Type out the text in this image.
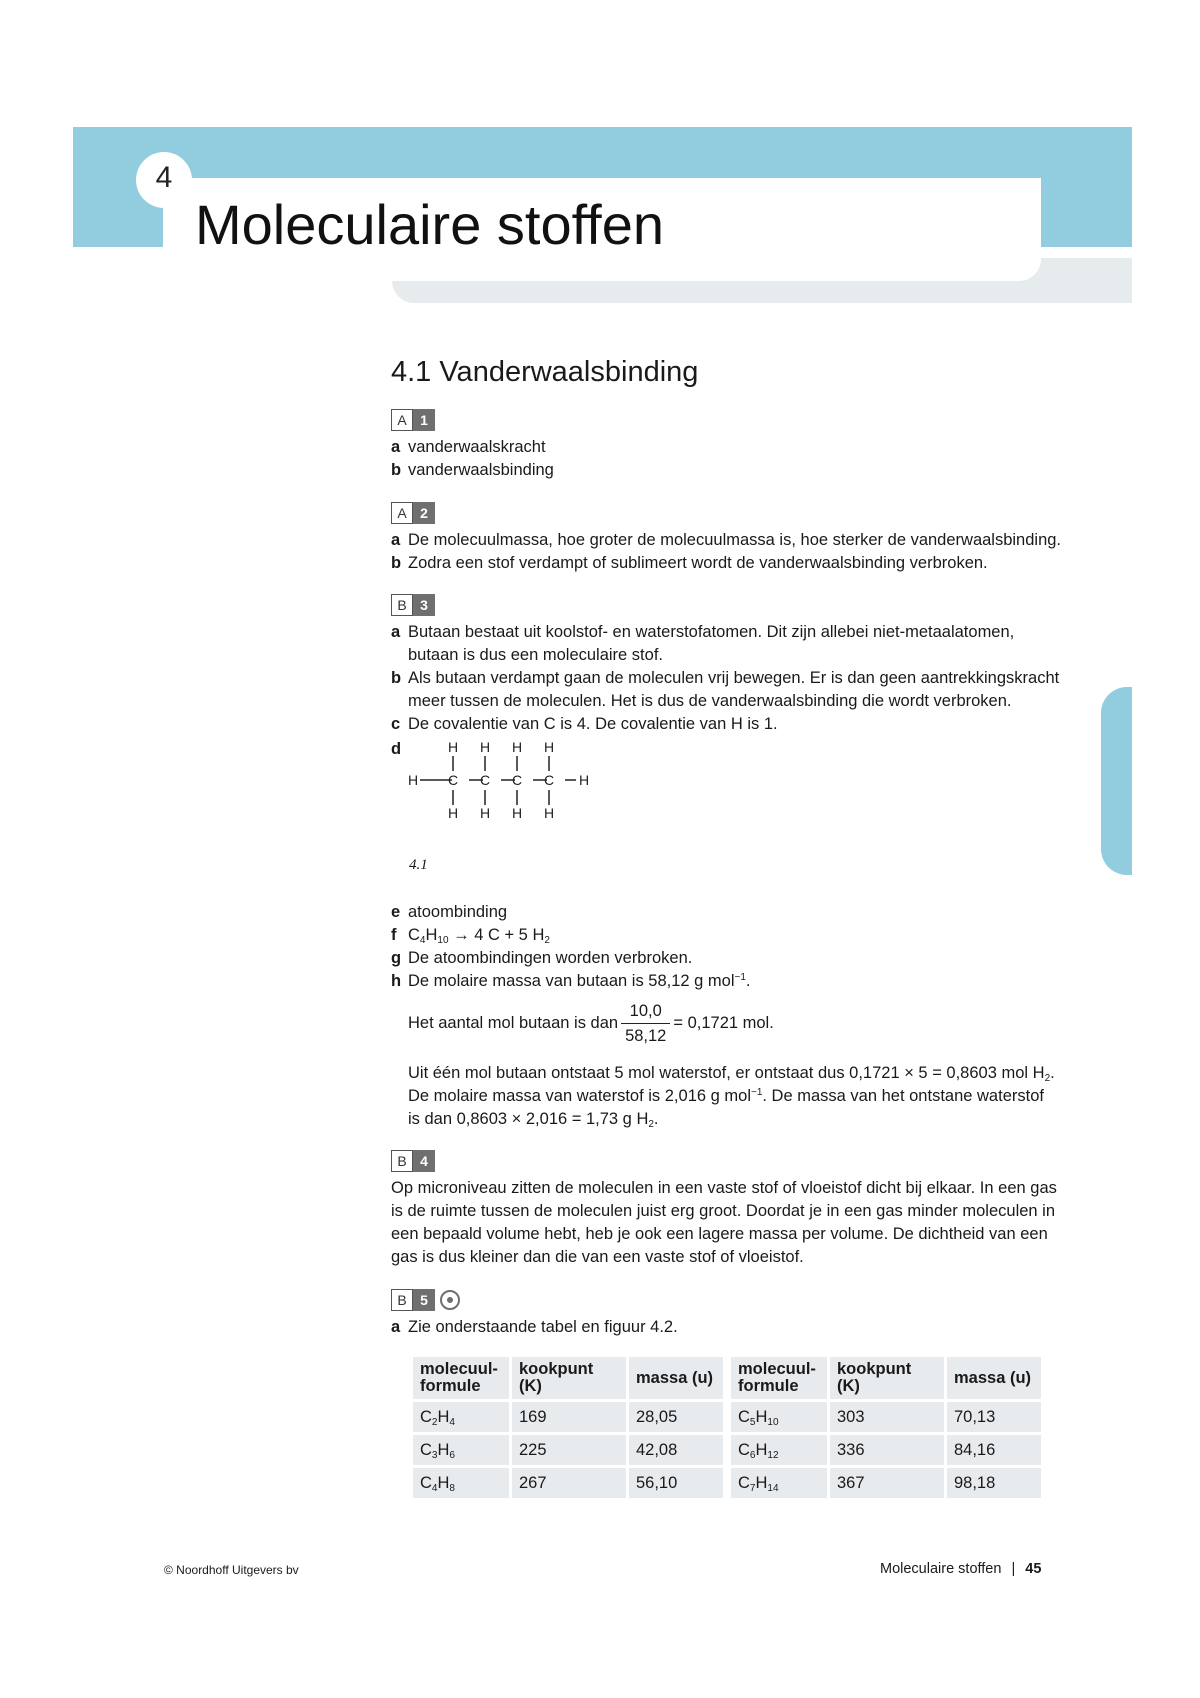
4
Moleculaire stoffen
4.1 Vanderwaalsbinding
A 1
a vanderwaalskracht
b vanderwaalsbinding
A 2
a De molecuulmassa, hoe groter de molecuulmassa is, hoe sterker de vanderwaalsbinding.
b Zodra een stof verdampt of sublimeert wordt de vanderwaalsbinding verbroken.
B 3
a Butaan bestaat uit koolstof- en waterstofatomen. Dit zijn allebei niet-metaalatomen,
butaan is dus een moleculaire stof.
b Als butaan verdampt gaan de moleculen vrij bewegen. Er is dan geen aantrekkingskracht
meer tussen de moleculen. Het is dus de vanderwaalsbinding die wordt verbroken.
c De covalentie van C is 4. De covalentie van H is 1.
d	H H H H
H C C C C H
H H H H
4.1
e atoombinding
f $C_4H_{10} \to 4$ C + 5 $H_2$
g De atoombindingen worden verbroken.
h De molaire massa van butaan is 58,12 g mol$^{-1}$.
Het aantal mol butaan is dan $\frac{10,0}{58,12} = 0,1721$ mol.
Uit één mol butaan ontstaat 5 mol waterstof, er ontstaat dus 0,1721 × 5 = 0,8603 mol $H_2$.
De molaire massa van waterstof is 2,016 g mol$^{-1}$. De massa van het ontstane waterstof
is dan 0,8603 × 2,016 = 1,73 g $H_2$.
B 4
Op microniveau zitten de moleculen in een vaste stof of vloeistof dicht bij elkaar. In een gas
is de ruimte tussen de moleculen juist erg groot. Doordat je in een gas minder moleculen in
een bepaald volume hebt, heb je ook een lagere massa per volume. De dichtheid van een
gas is dus kleiner dan die van een vaste stof of vloeistof.
B 5
a Zie onderstaande tabel en figuur 4.2.
molecuul-
formule	kookpunt (K)	massa (u)
$C_2H_4$	169	28,05
$C_3H_6$	225	42,08
$C_4H_8$	267	56,10
molecuul-
formule	kookpunt (K)	massa (u)
$C_5H_{10}$	303	70,13
$C_6H_{12}$	336	84,16
$C_7H_{14}$	367	98,18
© Noordhoff Uitgevers bv	Moleculaire stoffen | 45
